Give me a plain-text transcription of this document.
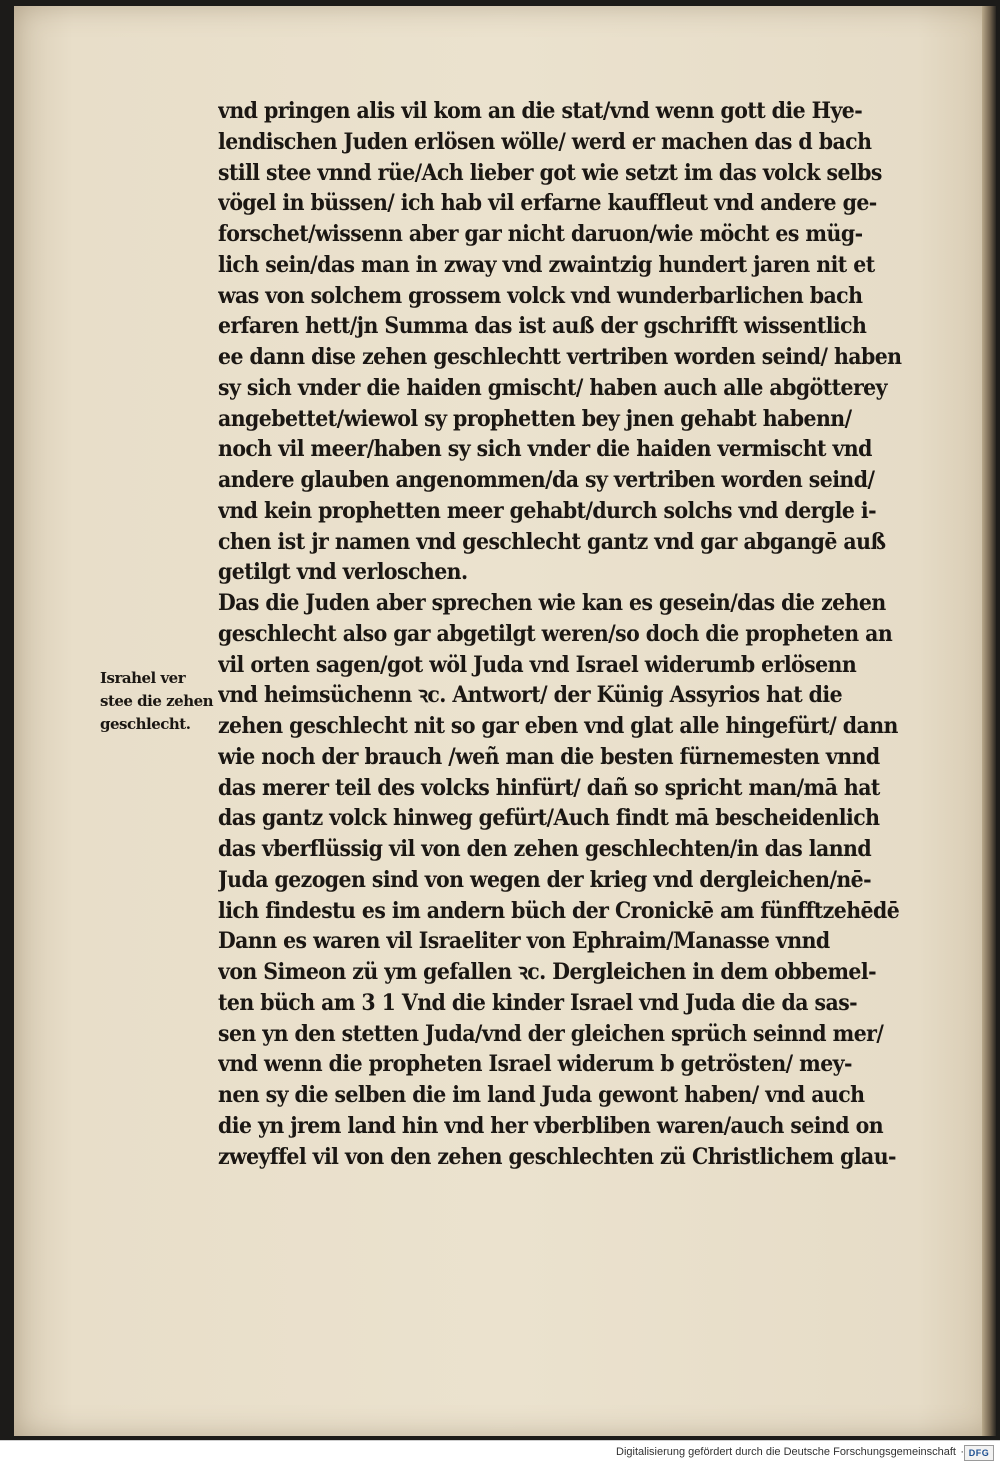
vnd pringen alis vil kom an die stat/vnd wenn gott die Hye-
lendischen Juden erlösen wölle/ werd er machen das d bach
still stee vnnd rüe/Ach lieber got wie setzt im das volck selbs
vögel in büssen/ ich hab vil erfarne kauffleut vnd andere ge-
forschet/wissenn aber gar nicht daruon/wie möcht es müg-
lich sein/das man in zway vnd zwaintzig hundert jaren nit et
was von solchem grossem volck vnd wunderbarlichen bach
erfaren hett/jn Summa das ist auß der gschrifft wissentlich
ee dann dise zehen geschlechtt vertriben worden seind/ haben
sy sich vnder die haiden gmischt/ haben auch alle abgötterey
angebettet/wiewol sy prophetten bey jnen gehabt habenn/
noch vil meer/haben sy sich vnder die haiden vermischt vnd
andere glauben angenommen/da sy vertriben worden seind/
vnd kein prophetten meer gehabt/durch solchs vnd dergle i-
chen ist jr namen vnd geschlecht gantz vnd gar abgangē auß
getilgt vnd verloschen.
Das die Juden aber sprechen wie kan es gesein/das die zehen
geschlecht also gar abgetilgt weren/so doch die propheten an
vil orten sagen/got wöl Juda vnd Israel widerumb erlösenn
vnd heimsüchenn ꝛc. Antwort/ der Künig Assyrios hat die
zehen geschlecht nit so gar eben vnd glat alle hingefürt/ dann
wie noch der brauch /weñ man die besten fürnemesten vnnd
das merer teil des volcks hinfürt/ dañ so spricht man/mā hat
das gantz volck hinweg gefürt/Auch findt mā bescheidenlich
das vberflüssig vil von den zehen geschlechten/in das lannd
Juda gezogen sind von wegen der krieg vnd dergleichen/nē-
lich findestu es im andern büch der Cronickē am fünfftzehēdē
Dann es waren vil Israeliter von Ephraim/Manasse vnnd
von Simeon zü ym gefallen ꝛc. Dergleichen in dem obbemel-
ten büch am 3 1 Vnd die kinder Israel vnd Juda die da sas-
sen yn den stetten Juda/vnd der gleichen sprüch seinnd mer/
vnd wenn die propheten Israel widerum b getrösten/ mey-
nen sy die selben die im land Juda gewont haben/ vnd auch
die yn jrem land hin vnd her vberbliben waren/auch seind on
zweyffel vil von den zehen geschlechten zü Christlichem glau-
Israhel ver
stee die zehen
geschlecht.
Digitalisierung gefördert durch die Deutsche Forschungsgemeinschaft · DFG
